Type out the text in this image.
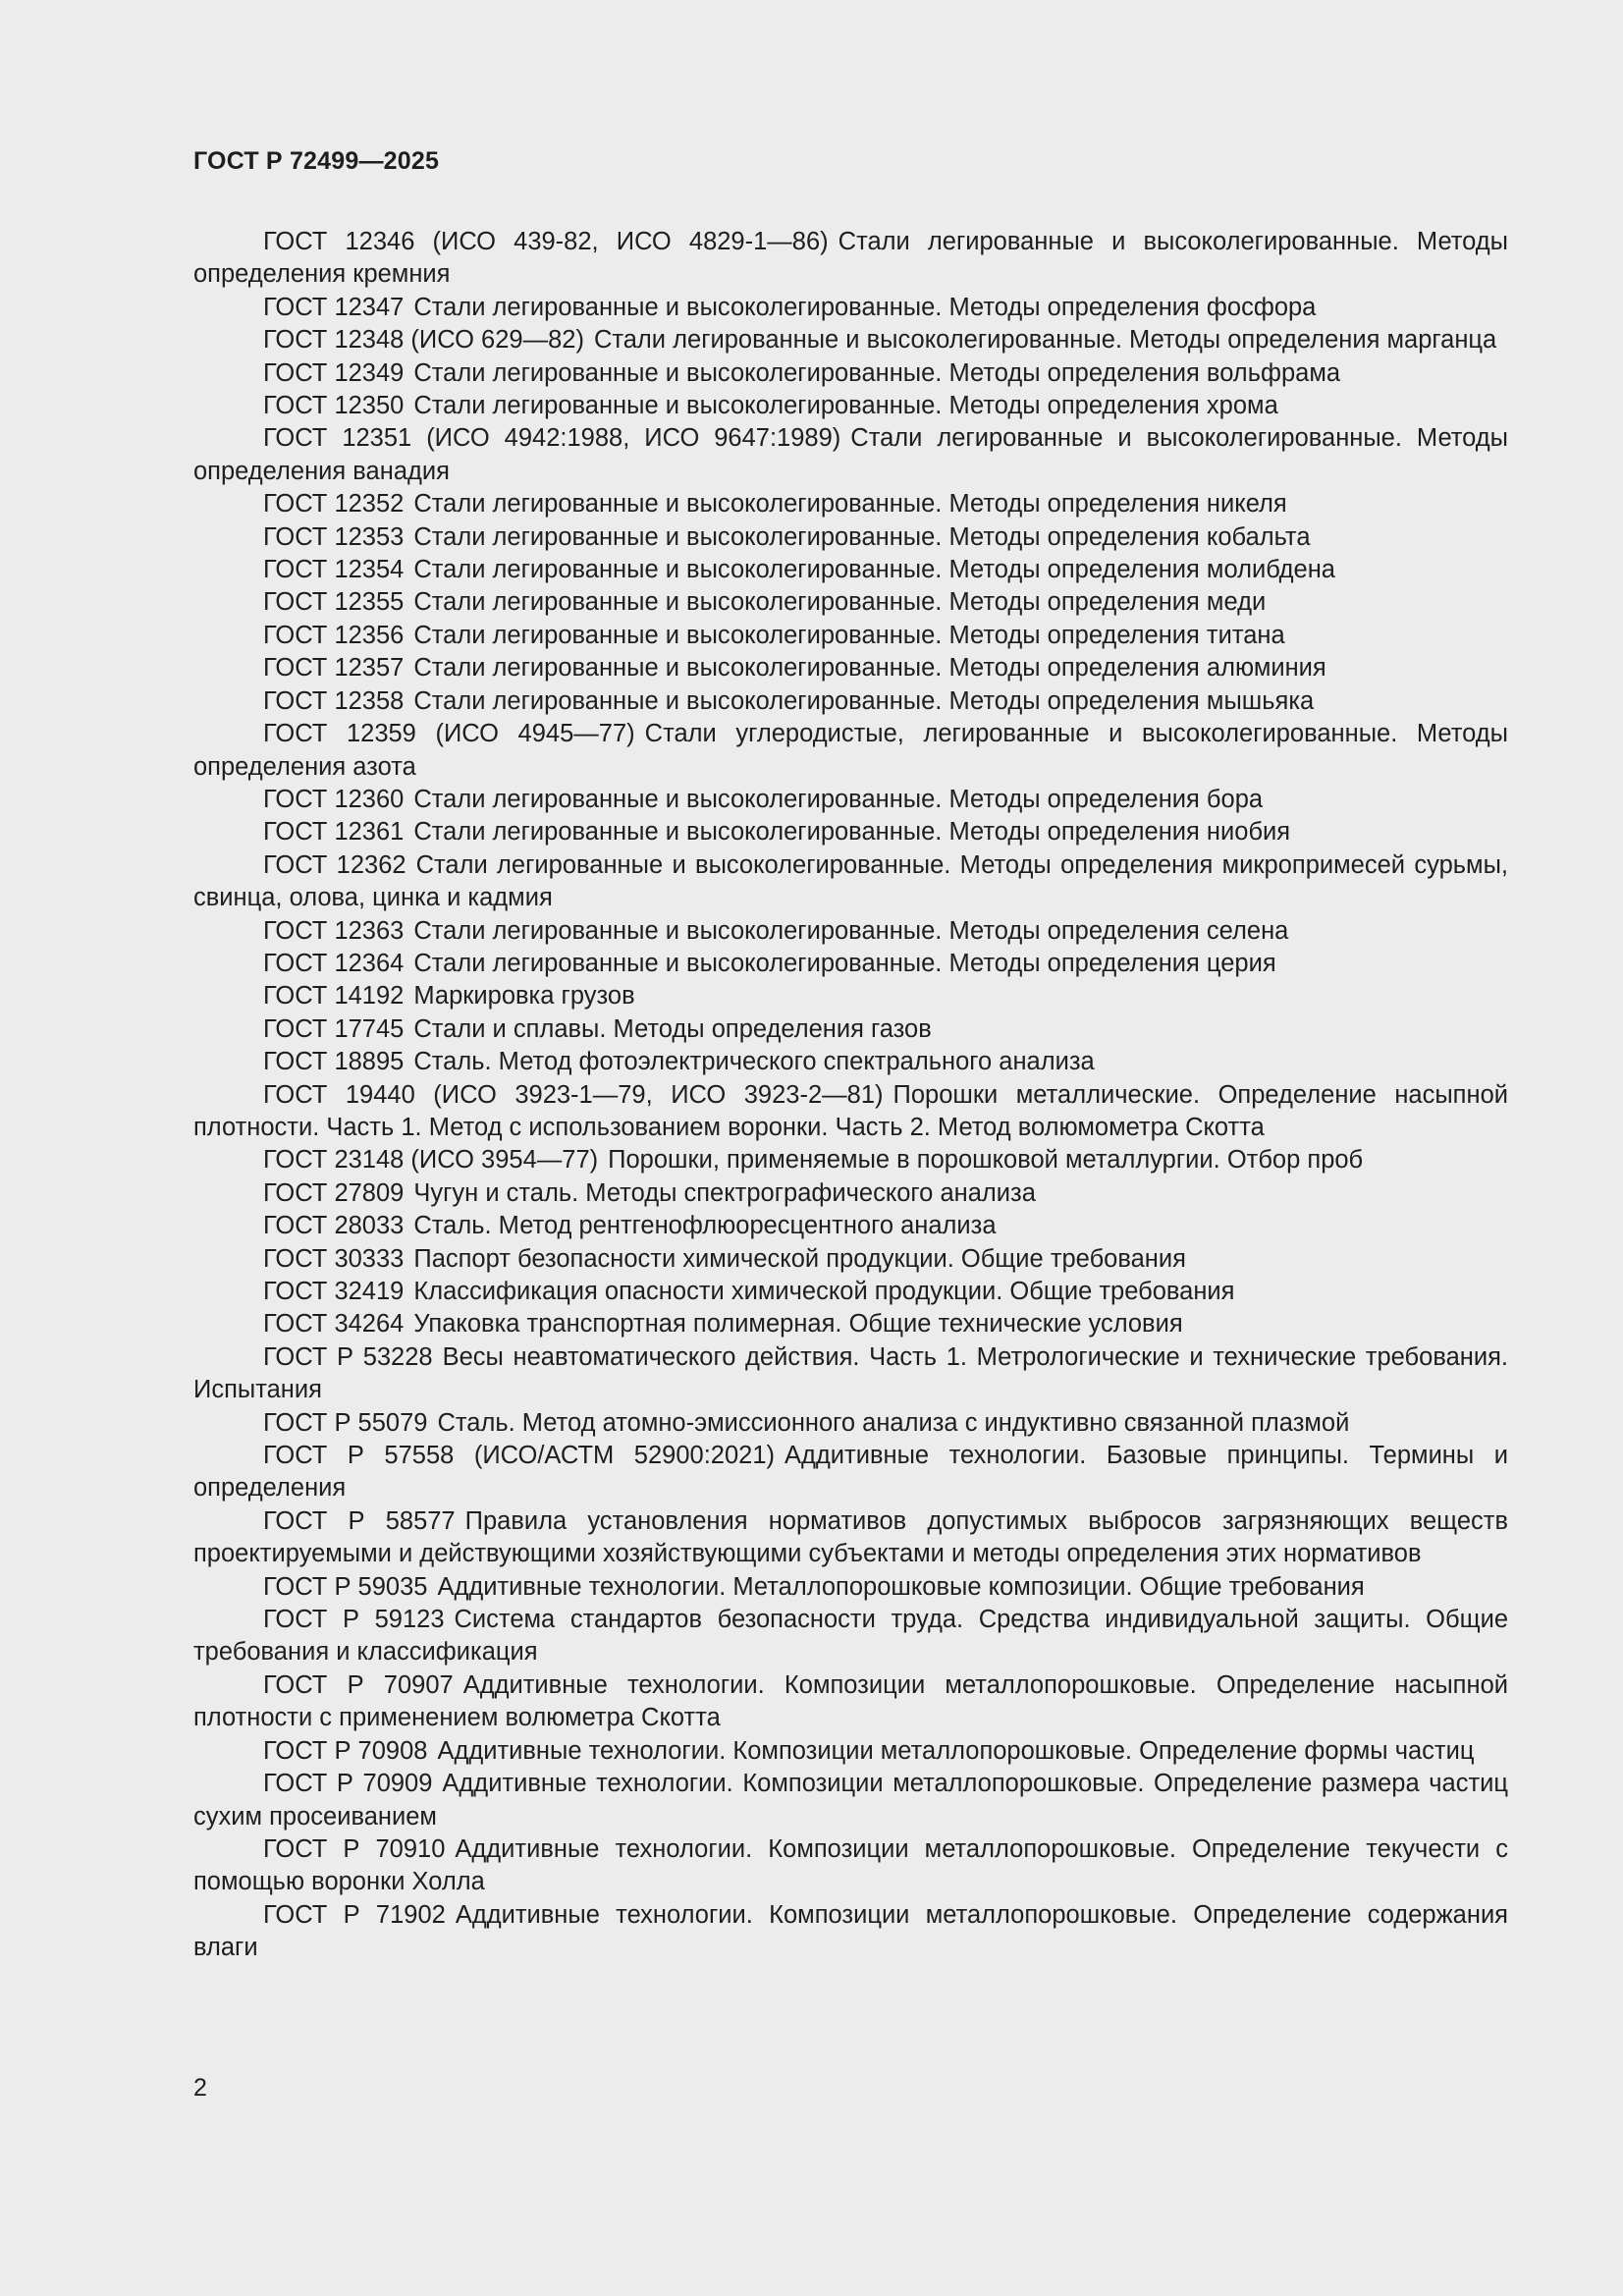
ГОСТ Р 72499—2025
ГОСТ 12346 (ИСО 439-82, ИСО 4829-1—86) Стали легированные и высоколегированные. Методы определения кремния
ГОСТ 12347 Стали легированные и высоколегированные. Методы определения фосфора
ГОСТ 12348 (ИСО 629—82) Стали легированные и высоколегированные. Методы определения марганца
ГОСТ 12349 Стали легированные и высоколегированные. Методы определения вольфрама
ГОСТ 12350 Стали легированные и высоколегированные. Методы определения хрома
ГОСТ 12351 (ИСО 4942:1988, ИСО 9647:1989) Стали легированные и высоколегированные. Методы определения ванадия
ГОСТ 12352 Стали легированные и высоколегированные. Методы определения никеля
ГОСТ 12353 Стали легированные и высоколегированные. Методы определения кобальта
ГОСТ 12354 Стали легированные и высоколегированные. Методы определения молибдена
ГОСТ 12355 Стали легированные и высоколегированные. Методы определения меди
ГОСТ 12356 Стали легированные и высоколегированные. Методы определения титана
ГОСТ 12357 Стали легированные и высоколегированные. Методы определения алюминия
ГОСТ 12358 Стали легированные и высоколегированные. Методы определения мышьяка
ГОСТ 12359 (ИСО 4945—77) Стали углеродистые, легированные и высоколегированные. Методы определения азота
ГОСТ 12360 Стали легированные и высоколегированные. Методы определения бора
ГОСТ 12361 Стали легированные и высоколегированные. Методы определения ниобия
ГОСТ 12362 Стали легированные и высоколегированные. Методы определения микропримесей сурьмы, свинца, олова, цинка и кадмия
ГОСТ 12363 Стали легированные и высоколегированные. Методы определения селена
ГОСТ 12364 Стали легированные и высоколегированные. Методы определения церия
ГОСТ 14192 Маркировка грузов
ГОСТ 17745 Стали и сплавы. Методы определения газов
ГОСТ 18895 Сталь. Метод фотоэлектрического спектрального анализа
ГОСТ 19440 (ИСО 3923-1—79, ИСО 3923-2—81) Порошки металлические. Определение насыпной плотности. Часть 1. Метод с использованием воронки. Часть 2. Метод волюмометра Скотта
ГОСТ 23148 (ИСО 3954—77) Порошки, применяемые в порошковой металлургии. Отбор проб
ГОСТ 27809 Чугун и сталь. Методы спектрографического анализа
ГОСТ 28033 Сталь. Метод рентгенофлюоресцентного анализа
ГОСТ 30333 Паспорт безопасности химической продукции. Общие требования
ГОСТ 32419 Классификация опасности химической продукции. Общие требования
ГОСТ 34264 Упаковка транспортная полимерная. Общие технические условия
ГОСТ Р 53228 Весы неавтоматического действия. Часть 1. Метрологические и технические требования. Испытания
ГОСТ Р 55079 Сталь. Метод атомно-эмиссионного анализа с индуктивно связанной плазмой
ГОСТ Р 57558 (ИСО/АСТМ 52900:2021) Аддитивные технологии. Базовые принципы. Термины и определения
ГОСТ Р 58577 Правила установления нормативов допустимых выбросов загрязняющих веществ проектируемыми и действующими хозяйствующими субъектами и методы определения этих нормативов
ГОСТ Р 59035 Аддитивные технологии. Металлопорошковые композиции. Общие требования
ГОСТ Р 59123 Система стандартов безопасности труда. Средства индивидуальной защиты. Общие требования и классификация
ГОСТ Р 70907 Аддитивные технологии. Композиции металлопорошковые. Определение насыпной плотности с применением волюметра Скотта
ГОСТ Р 70908 Аддитивные технологии. Композиции металлопорошковые. Определение формы частиц
ГОСТ Р 70909 Аддитивные технологии. Композиции металлопорошковые. Определение размера частиц сухим просеиванием
ГОСТ Р 70910 Аддитивные технологии. Композиции металлопорошковые. Определение текучести с помощью воронки Холла
ГОСТ Р 71902 Аддитивные технологии. Композиции металлопорошковые. Определение содержания влаги
2
